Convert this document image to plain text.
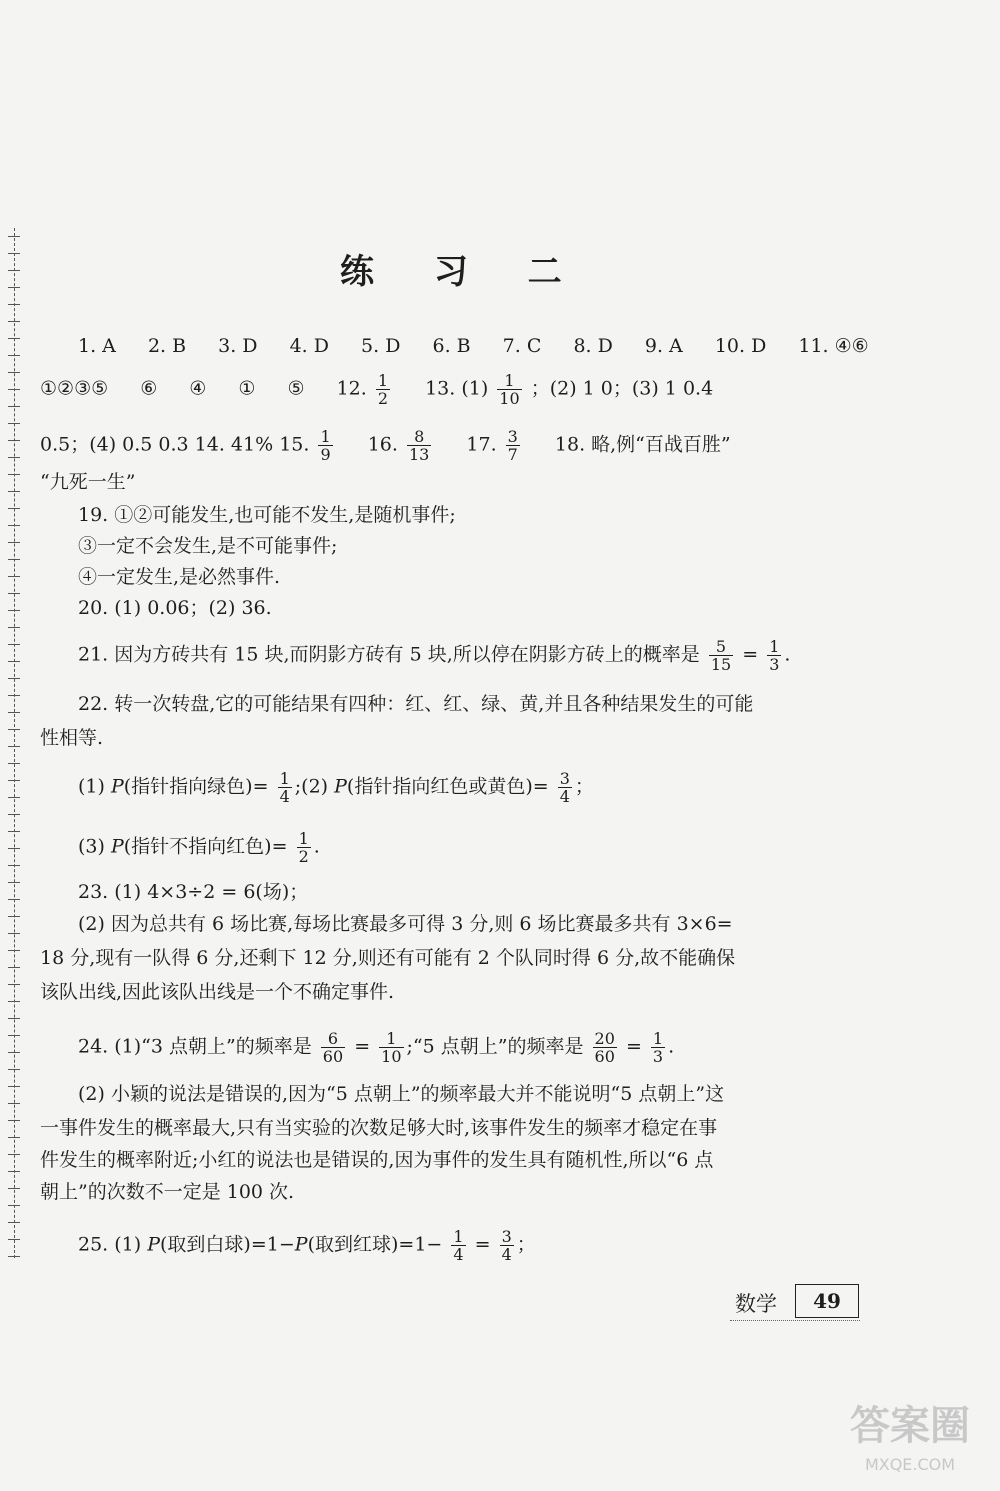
练 习 二
1. A 2. B 3. D 4. D 5. D 6. B 7. C 8. D 9. A 10. D 11. ④⑥
①②③⑤ ⑥ ④ ① ⑤ 12. $\frac{1}{2} 13$. $(1) \frac{1}{10}$ ；(2) 1 0；(3) 1 0.4
0.5；(4) 0.5 0.3 14. 41% 15. $\frac{1}{9} 16$. $\frac{8}{13} 17$. $\frac{3}{7} 18$. 略,例“百战百胜”
“九死一生”
19. ①②可能发生,也可能不发生,是随机事件;
③一定不会发生,是不可能事件;
④一定发生,是必然事件.
20. (1) 0.06；(2) 36.
21. 因为方砖共有 15 块,而阴影方砖有 5 块,所以停在阴影方砖上的概率是 $\frac{5}{15} = \frac{1}{3}$ .
22. 转一次转盘,它的可能结果有四种：红、红、绿、黄,并且各种结果发生的可能
性相等.
(1) P(指针指向绿色)= $\frac{1}{4}$ ;(2) P(指针指向红色或黄色)= $\frac{3}{4}$ ；
(3) P(指针不指向红色)= $\frac{1}{2}$ .
23. (1) 4×3÷2 = 6(场)；
(2) 因为总共有 6 场比赛,每场比赛最多可得 3 分,则 6 场比赛最多共有 3×6=
18 分,现有一队得 6 分,还剩下 12 分,则还有可能有 2 个队同时得 6 分,故不能确保
该队出线,因此该队出线是一个不确定事件.
24. (1)“3 点朝上”的频率是 $\frac{6}{60} = \frac{1}{10}$ ;“5 点朝上”的频率是 $\frac{20}{60} = \frac{1}{3}$ .
(2) 小颖的说法是错误的,因为“5 点朝上”的频率最大并不能说明“5 点朝上”这
一事件发生的概率最大,只有当实验的次数足够大时,该事件发生的频率才稳定在事
件发生的概率附近;小红的说法也是错误的,因为事件的发生具有随机性,所以“6 点
朝上”的次数不一定是 100 次.
25. (1) P(取到白球)=1−P(取到红球)$=1- \frac{1}{4} = \frac{3}{4}$ ；
数学	49
答案圈
MXQE.COM
